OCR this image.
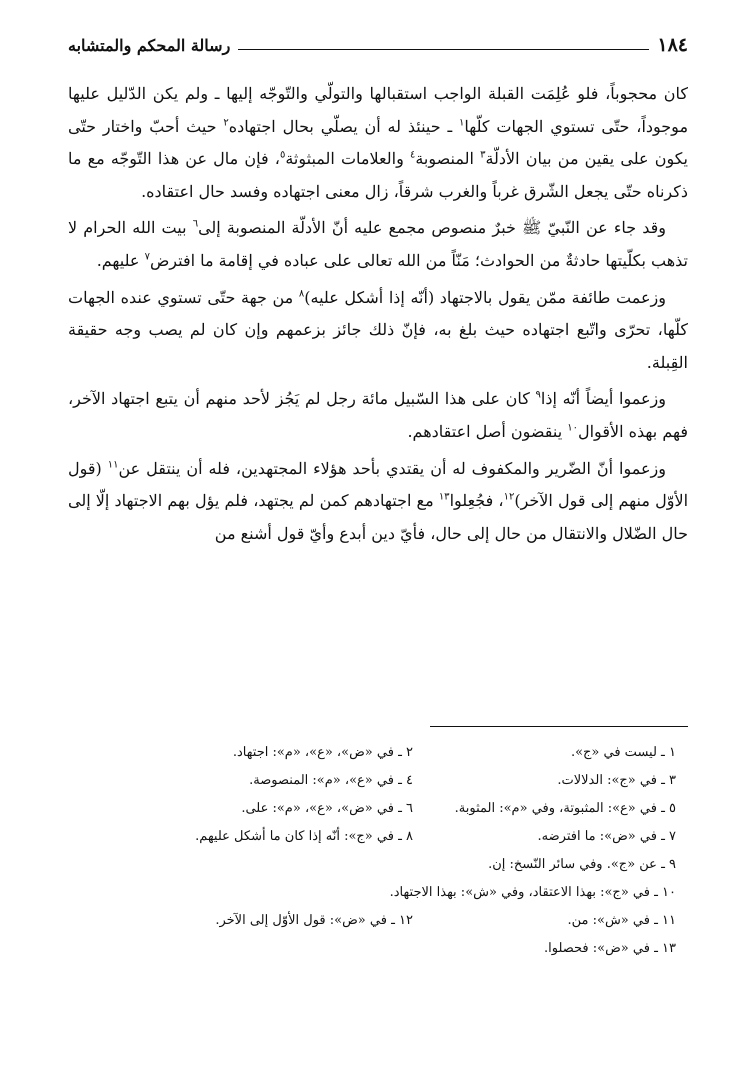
١٨٤
رسالة المحكم والمتشابه

كان محجوباً، فلو عُلِمَت القبلة الواجب استقبالها والتولّي والتّوجّه إليها ـ ولم يكن الدّليل عليها موجوداً، حتّى تستوي الجهات كلّها$^١$ ـ حينئذ له أن يصلّي بحال اجتهاده$^٢$ حيث أحبّ واختار حتّى يكون على يقين من بيان الأدلّة$^٣$ المنصوبة$^٤$ والعلامات المبثوثة$^٥$، فإن مال عن هذا التّوجّه مع ما ذكرناه حتّى يجعل الشّرق غرباً والغرب شرقاً، زال معنى اجتهاده وفسد حال اعتقاده.

وقد جاء عن النّبيّ ﷺ خبرٌ منصوص مجمع عليه أنّ الأدلّة المنصوبة إلى$^٦$ بيت الله الحرام لا تذهب بكلّيتها حادثةٌ من الحوادث؛ مَنّاً من الله تعالى على عباده في إقامة ما افترض$^٧$ عليهم.

وزعمت طائفة ممّن يقول بالاجتهاد (أنّه إذا أشكل عليه)$^٨$ من جهة حتّى تستوي عنده الجهات كلّها، تحرّى واتّبع اجتهاده حيث بلغ به، فإنّ ذلك جائز بزعمهم وإن كان لم يصب وجه حقيقة القِبلة.

وزعموا أيضاً أنّه إذا$^٩$ كان على هذا السّبيل مائة رجل لم يَجُز لأحد منهم أن يتبع اجتهاد الآخر، فهم بهذه الأقوال$^{١٠}$ ينقضون أصل اعتقادهم.

وزعموا أنّ الضّرير والمكفوف له أن يقتدي بأحد هؤلاء المجتهدين، فله أن ينتقل عن$^{١١}$ (قول الأوّل منهم إلى قول الآخر)$^{١٢}$، فجُعِلوا$^{١٣}$ مع اجتهادهم كمن لم يجتهد، فلم يؤل بهم الاجتهاد إلّا إلى حال الضّلال والانتقال من حال إلى حال، فأيّ دين أبدع وأيّ قول أشنع من

١ ـ ليست في «ج».
٢ ـ في «ض»، «ع»، «م»: اجتهاد.
٣ ـ في «ج»: الدلالات.
٤ ـ في «ع»، «م»: المنصوصة.
٥ ـ في «ع»: المثبوتة، وفي «م»: المثوبة.
٦ ـ في «ض»، «ع»، «م»: على.
٧ ـ في «ض»: ما افترضه.
٨ ـ في «ج»: أنّه إذا كان ما أشكل عليهم.
٩ ـ عن «ج». وفي سائر النّسخ: إن.
١٠ ـ في «ج»: بهذا الاعتقاد، وفي «ش»: بهذا الاجتهاد.
١١ ـ في «ش»: من.
١٢ ـ في «ض»: قول الأوّل إلى الآخر.
١٣ ـ في «ض»: فحصلوا.
